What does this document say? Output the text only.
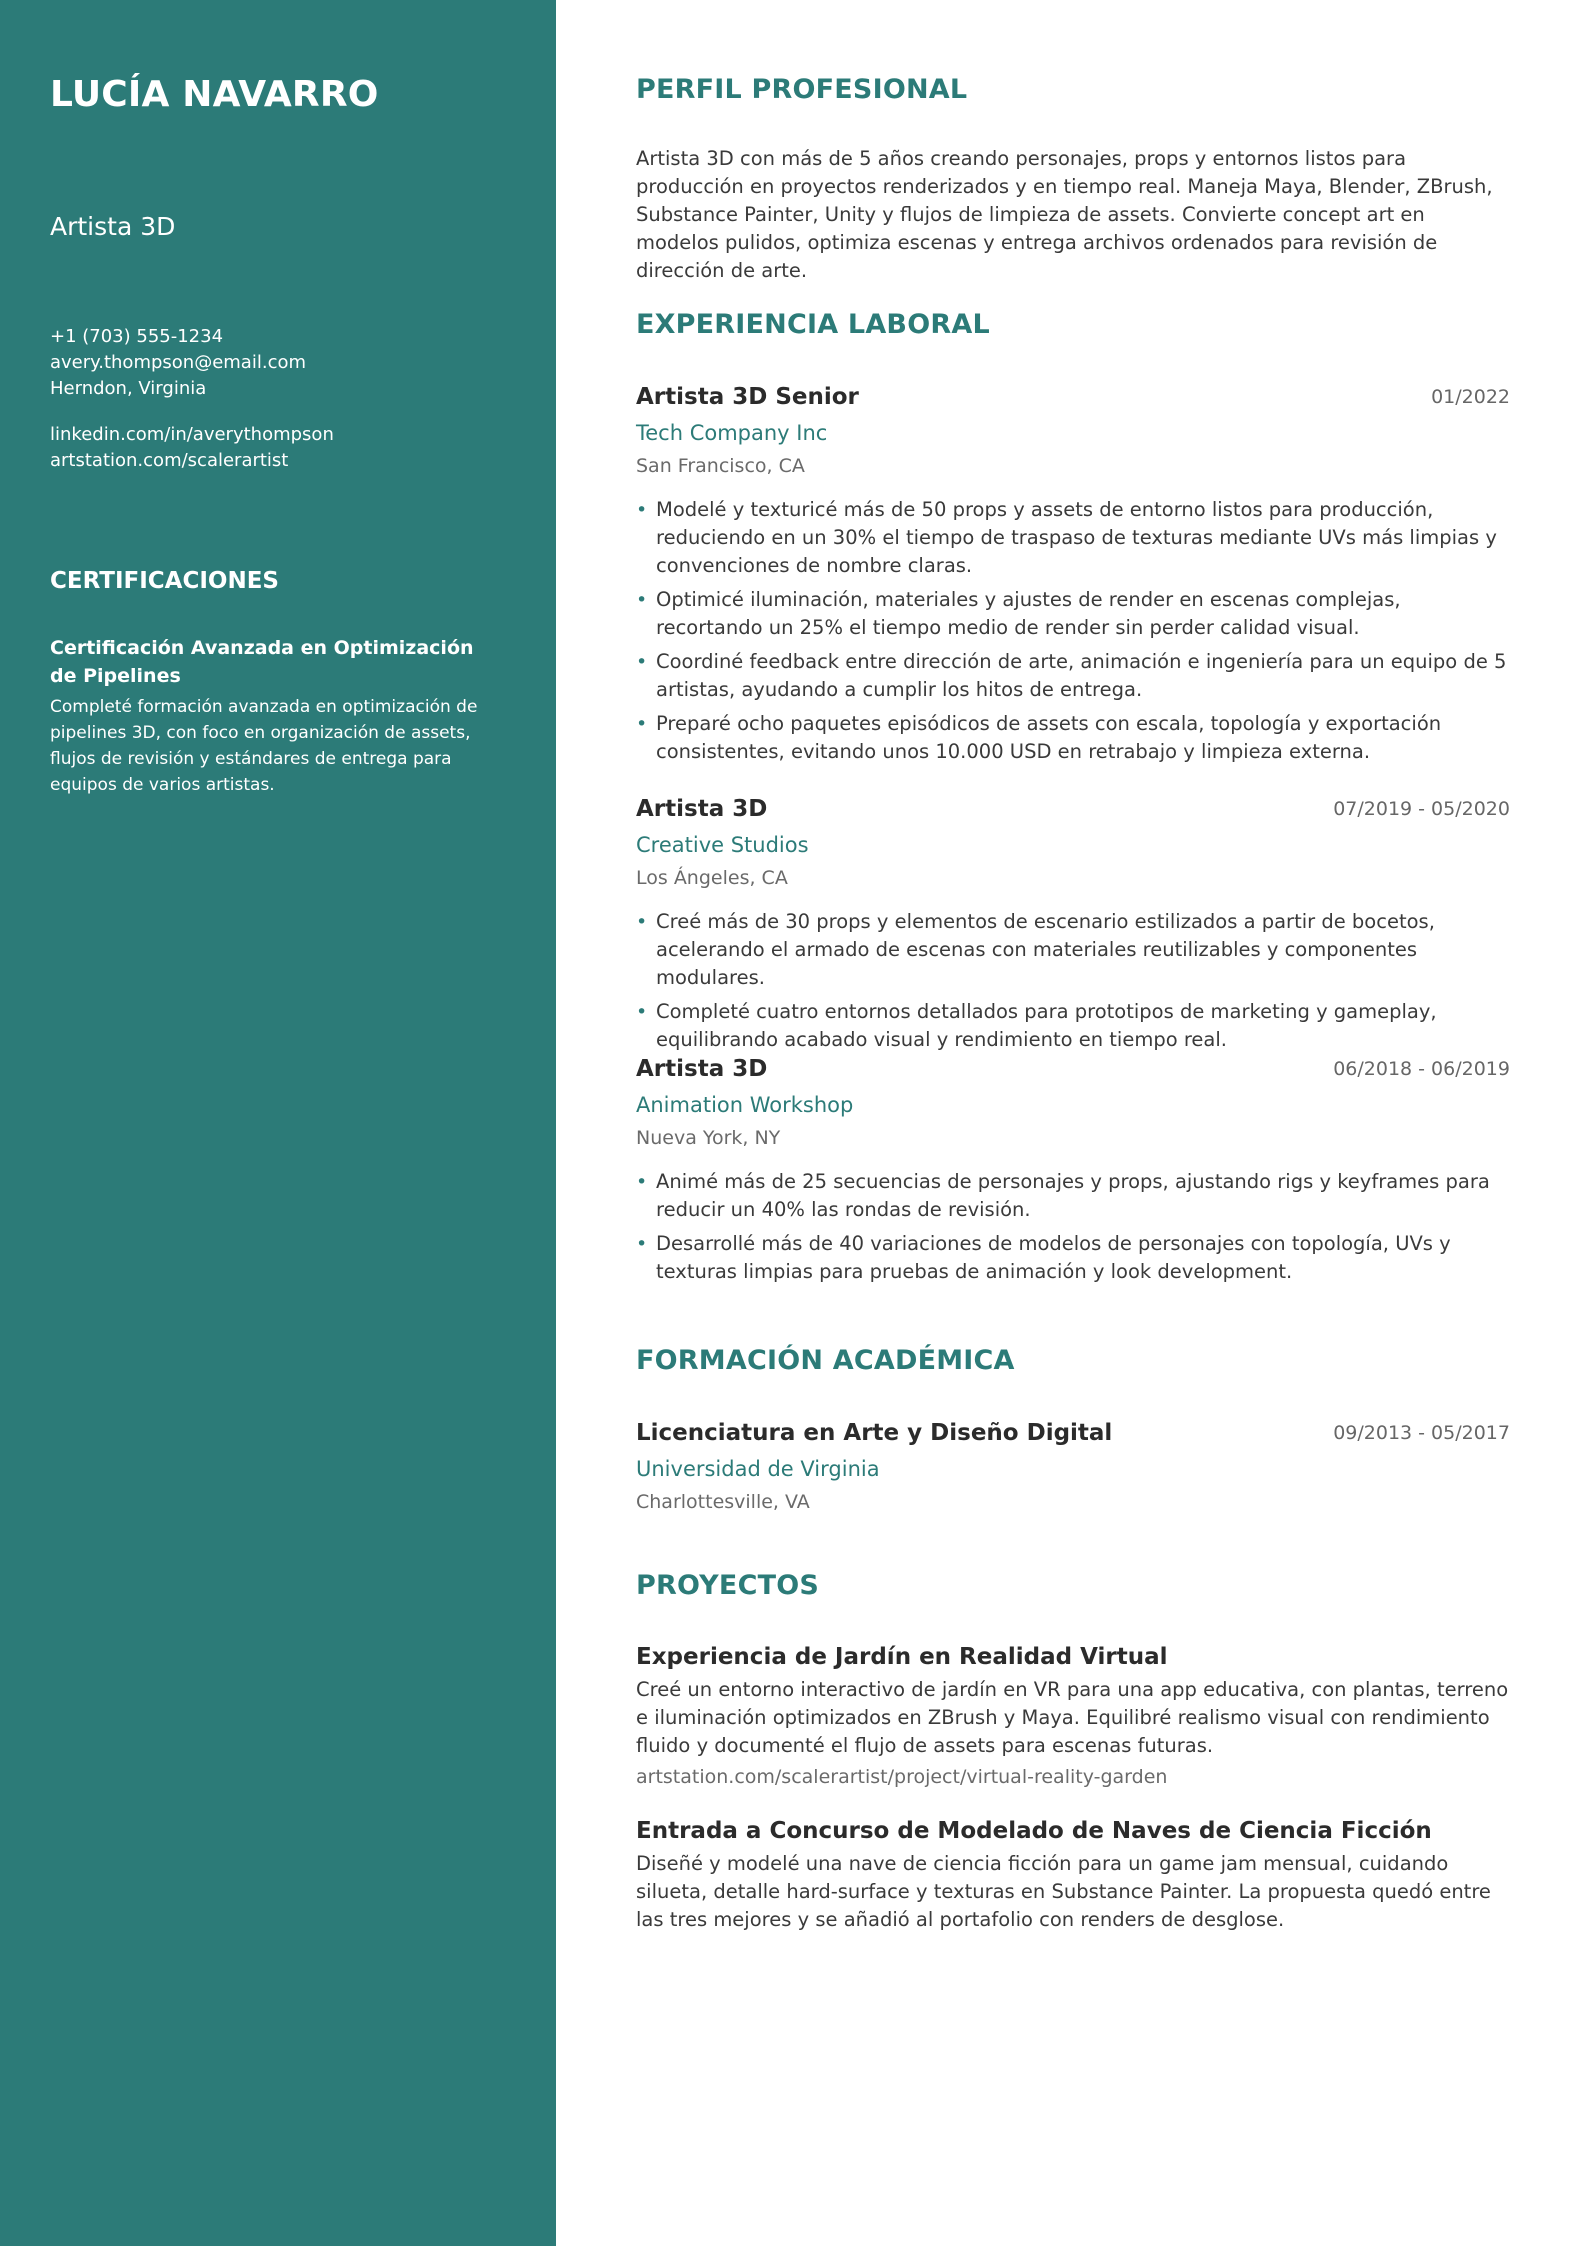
LUCÍA NAVARRO
Artista 3D
+1 (703) 555-1234
avery.thompson@email.com
Herndon, Virginia
linkedin.com/in/averythompson
artstation.com/scalerartist
CERTIFICACIONES
Certificación Avanzada en Optimización de Pipelines
Completé formación avanzada en optimización de pipelines 3D, con foco en organización de assets, flujos de revisión y estándares de entrega para equipos de varios artistas.
PERFIL PROFESIONAL
Artista 3D con más de 5 años creando personajes, props y entornos listos para producción en proyectos renderizados y en tiempo real. Maneja Maya, Blender, ZBrush, Substance Painter, Unity y flujos de limpieza de assets. Convierte concept art en modelos pulidos, optimiza escenas y entrega archivos ordenados para revisión de dirección de arte.
EXPERIENCIA LABORAL
Artista 3D Senior	01/2022
Tech Company Inc
San Francisco, CA
• Modelé y texturicé más de 50 props y assets de entorno listos para producción, reduciendo en un 30% el tiempo de traspaso de texturas mediante UVs más limpias y convenciones de nombre claras.
• Optimicé iluminación, materiales y ajustes de render en escenas complejas, recortando un 25% el tiempo medio de render sin perder calidad visual.
• Coordiné feedback entre dirección de arte, animación e ingeniería para un equipo de 5 artistas, ayudando a cumplir los hitos de entrega.
• Preparé ocho paquetes episódicos de assets con escala, topología y exportación consistentes, evitando unos 10.000 USD en retrabajo y limpieza externa.
Artista 3D	07/2019 - 05/2020
Creative Studios
Los Ángeles, CA
• Creé más de 30 props y elementos de escenario estilizados a partir de bocetos, acelerando el armado de escenas con materiales reutilizables y componentes modulares.
• Completé cuatro entornos detallados para prototipos de marketing y gameplay, equilibrando acabado visual y rendimiento en tiempo real.
Artista 3D	06/2018 - 06/2019
Animation Workshop
Nueva York, NY
• Animé más de 25 secuencias de personajes y props, ajustando rigs y keyframes para reducir un 40% las rondas de revisión.
• Desarrollé más de 40 variaciones de modelos de personajes con topología, UVs y texturas limpias para pruebas de animación y look development.
FORMACIÓN ACADÉMICA
Licenciatura en Arte y Diseño Digital	09/2013 - 05/2017
Universidad de Virginia
Charlottesville, VA
PROYECTOS
Experiencia de Jardín en Realidad Virtual
Creé un entorno interactivo de jardín en VR para una app educativa, con plantas, terreno e iluminación optimizados en ZBrush y Maya. Equilibré realismo visual con rendimiento fluido y documenté el flujo de assets para escenas futuras.
artstation.com/scalerartist/project/virtual-reality-garden
Entrada a Concurso de Modelado de Naves de Ciencia Ficción
Diseñé y modelé una nave de ciencia ficción para un game jam mensual, cuidando silueta, detalle hard-surface y texturas en Substance Painter. La propuesta quedó entre las tres mejores y se añadió al portafolio con renders de desglose.
